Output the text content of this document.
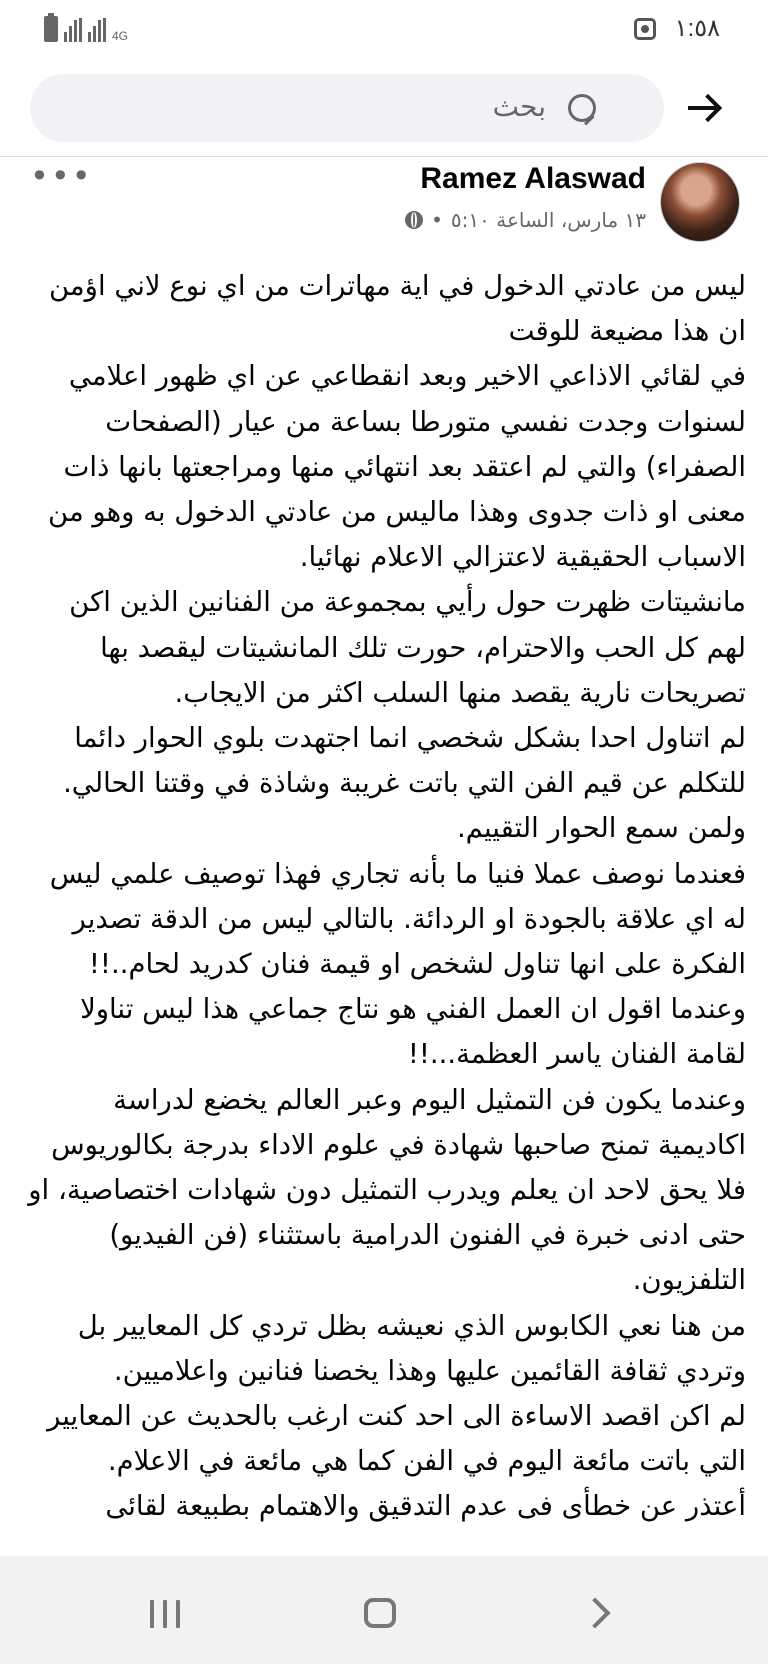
4G	١:٥٨
بحث
Ramez Alaswad
١٣ مارس، الساعة ٥:١٠
•
•••

ليس من عادتي الدخول في اية مهاترات من اي نوع لاني اؤمن ان هذا مضيعة للوقت

في لقائي الاذاعي الاخير وبعد انقطاعي عن اي ظهور اعلامي لسنوات وجدت نفسي متورطا بساعة من عيار (الصفحات الصفراء) والتي لم اعتقد بعد انتهائي منها ومراجعتها بانها ذات معنى او ذات جدوى وهذا ماليس من عادتي الدخول به وهو من الاسباب الحقيقية لاعتزالي الاعلام نهائيا.

مانشيتات ظهرت حول رأيي بمجموعة من الفنانين الذين اكن لهم كل الحب والاحترام، حورت تلك المانشيتات ليقصد بها تصريحات نارية يقصد منها السلب اكثر من الايجاب.

لم اتناول احدا بشكل شخصي انما اجتهدت بلوي الحوار دائما للتكلم عن قيم الفن التي باتت غريبة وشاذة في وقتنا الحالي. ولمن سمع الحوار التقييم.

فعندما نوصف عملا فنيا ما بأنه تجاري فهذا توصيف علمي ليس له اي علاقة بالجودة او الردائة. بالتالي ليس من الدقة تصدير الفكرة على انها تناول لشخص او قيمة فنان كدريد لحام..!!

وعندما اقول ان العمل الفني هو نتاج جماعي هذا ليس تناولا لقامة الفنان ياسر العظمة...!!

وعندما يكون فن التمثيل اليوم وعبر العالم يخضع لدراسة اكاديمية تمنح صاحبها شهادة في علوم الاداء بدرجة بكالوريوس فلا يحق لاحد ان يعلم ويدرب التمثيل دون شهادات اختصاصية، او حتى ادنى خبرة في الفنون الدرامية باستثناء (فن الفيديو) التلفزيون.

من هنا نعي الكابوس الذي نعيشه بظل تردي كل المعايير بل وتردي ثقافة القائمين عليها وهذا يخصنا فنانين واعلاميين.

لم اكن اقصد الاساءة الى احد كنت ارغب بالحديث عن المعايير التي باتت مائعة اليوم في الفن كما هي مائعة في الاعلام.

أعتذر عن خطأى فى عدم التدقيق والاهتمام بطبيعة لقائى
